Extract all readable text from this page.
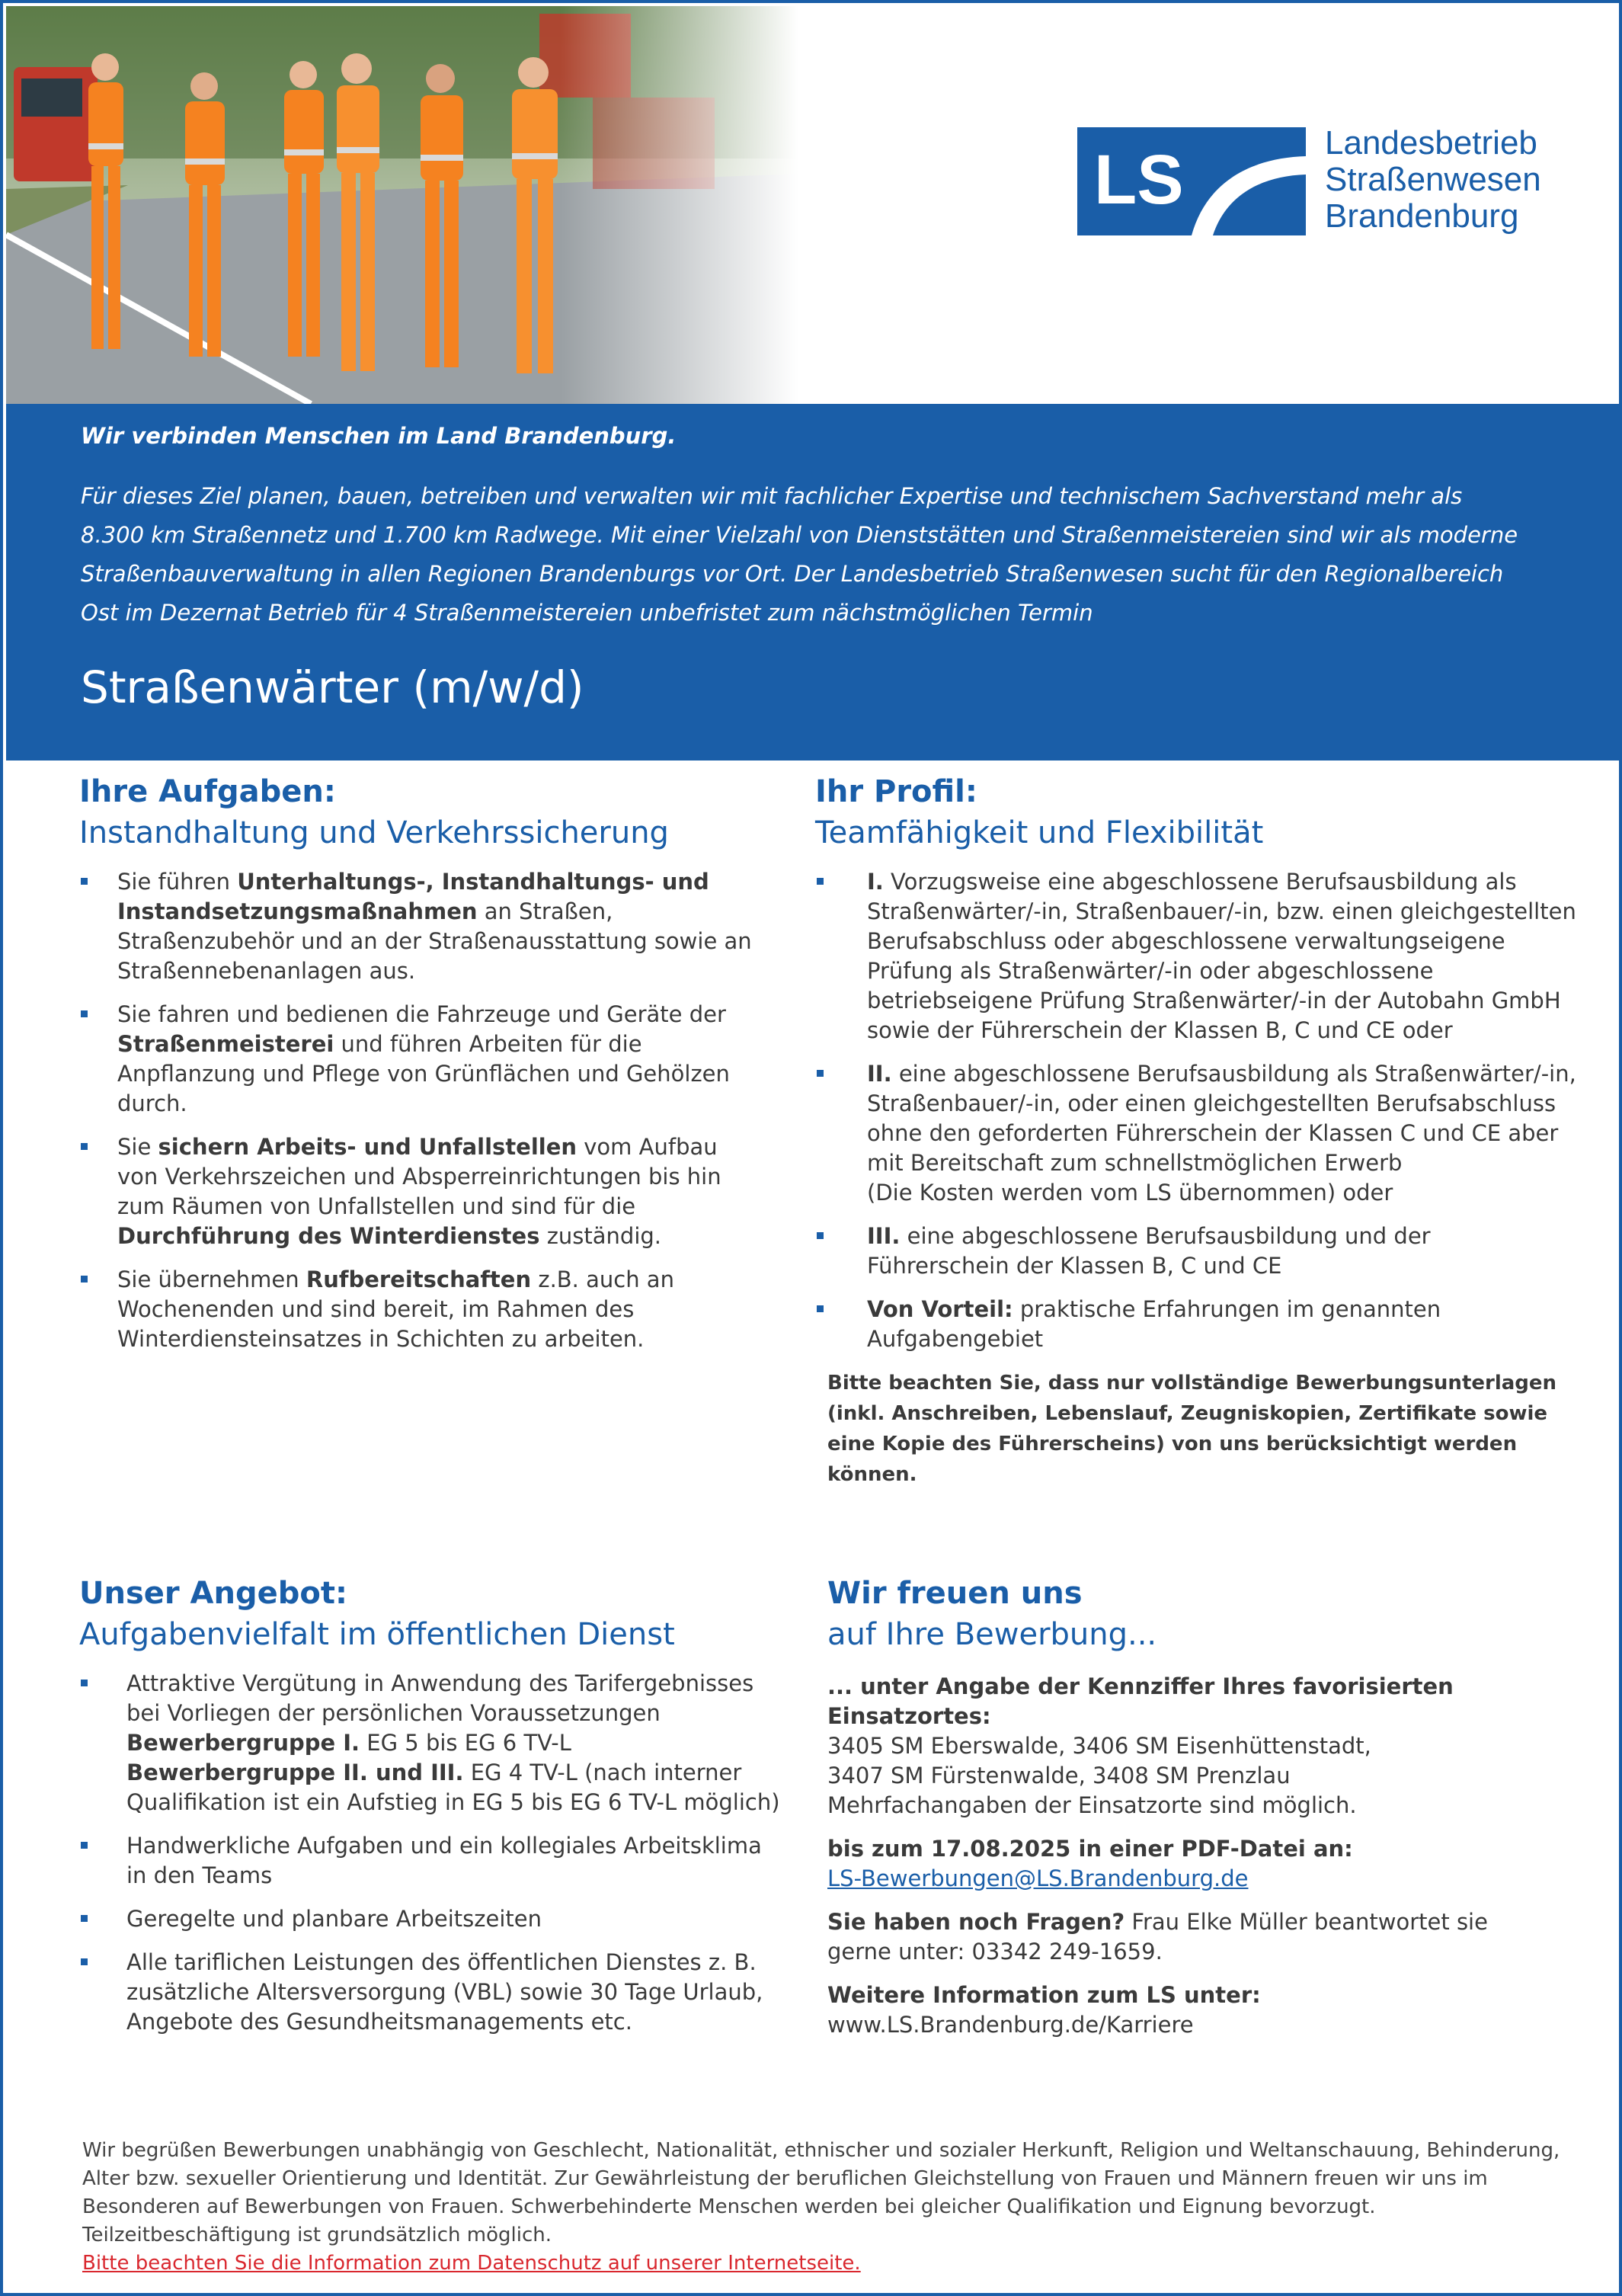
LS	Landesbetrieb
Straßenwesen
Brandenburg
Wir verbinden Menschen im Land Brandenburg.
Für dieses Ziel planen, bauen, betreiben und verwalten wir mit fachlicher Expertise und technischem Sachverstand mehr als 8.300 km Straßennetz und 1.700 km Radwege. Mit einer Vielzahl von Dienststätten und Straßenmeistereien sind wir als moderne Straßenbauverwaltung in allen Regionen Brandenburgs vor Ort. Der Landesbetrieb Straßenwesen sucht für den Regionalbereich Ost im Dezernat Betrieb für 4 Straßenmeistereien unbefristet zum nächstmöglichen Termin
Straßenwärter (m/w/d)
Ihre Aufgaben:
Instandhaltung und Verkehrssicherung
Sie führen Unterhaltungs-, Instandhaltungs- und Instandsetzungsmaßnahmen an Straßen, Straßenzubehör und an der Straßenausstattung sowie an Straßennebenanlagen aus.
Sie fahren und bedienen die Fahrzeuge und Geräte der Straßenmeisterei und führen Arbeiten für die Anpflanzung und Pflege von Grünflächen und Gehölzen durch.
Sie sichern Arbeits- und Unfallstellen vom Aufbau von Verkehrszeichen und Absperreinrichtungen bis hin zum Räumen von Unfallstellen und sind für die Durchführung des Winterdienstes zuständig.
Sie übernehmen Rufbereitschaften z.B. auch an Wochenenden und sind bereit, im Rahmen des Winterdiensteinsatzes in Schichten zu arbeiten.
Ihr Profil:
Teamfähigkeit und Flexibilität
I. Vorzugsweise eine abgeschlossene Berufsausbildung als Straßenwärter/-in, Straßenbauer/-in, bzw. einen gleichgestellten Berufsabschluss oder abgeschlossene verwaltungseigene Prüfung als Straßenwärter/-in oder abgeschlossene betriebseigene Prüfung Straßenwärter/-in der Autobahn GmbH sowie der Führerschein der Klassen B, C und CE oder
II. eine abgeschlossene Berufsausbildung als Straßenwärter/-in, Straßenbauer/-in, oder einen gleichgestellten Berufsabschluss ohne den geforderten Führerschein der Klassen C und CE aber mit Bereitschaft zum schnellstmöglichen Erwerb
(Die Kosten werden vom LS übernommen) oder
III. eine abgeschlossene Berufsausbildung und der Führerschein der Klassen B, C und CE
Von Vorteil: praktische Erfahrungen im genannten Aufgabengebiet
Bitte beachten Sie, dass nur vollständige Bewerbungsunterlagen (inkl. Anschreiben, Lebenslauf, Zeugniskopien, Zertifikate sowie eine Kopie des Führerscheins) von uns berücksichtigt werden können.
Unser Angebot:
Aufgabenvielfalt im öffentlichen Dienst
Attraktive Vergütung in Anwendung des Tarifergebnisses bei Vorliegen der persönlichen Voraussetzungen
Bewerbergruppe I. EG 5 bis EG 6 TV-L
Bewerbergruppe II. und III. EG 4 TV-L (nach interner Qualifikation ist ein Aufstieg in EG 5 bis EG 6 TV-L möglich)
Handwerkliche Aufgaben und ein kollegiales Arbeitsklima in den Teams
Geregelte und planbare Arbeitszeiten
Alle tariflichen Leistungen des öffentlichen Dienstes z. B. zusätzliche Altersversorgung (VBL) sowie 30 Tage Urlaub, Angebote des Gesundheitsmanagements etc.
Wir freuen uns
auf Ihre Bewerbung...

... unter Angabe der Kennziffer Ihres favorisierten Einsatzortes:
3405 SM Eberswalde, 3406 SM Eisenhüttenstadt,
3407 SM Fürstenwalde, 3408 SM Prenzlau
Mehrfachangaben der Einsatzorte sind möglich.

bis zum 17.08.2025 in einer PDF-Datei an:
LS-Bewerbungen@LS.Brandenburg.de

Sie haben noch Fragen? Frau Elke Müller beantwortet sie gerne unter: 03342 249-1659.

Weitere Information zum LS unter:
www.LS.Brandenburg.de/Karriere

Wir begrüßen Bewerbungen unabhängig von Geschlecht, Nationalität, ethnischer und sozialer Herkunft, Religion und Weltanschauung, Behinderung, Alter bzw. sexueller Orientierung und Identität. Zur Gewährleistung der beruflichen Gleichstellung von Frauen und Männern freuen wir uns im Besonderen auf Bewerbungen von Frauen. Schwerbehinderte Menschen werden bei gleicher Qualifikation und Eignung bevorzugt. Teilzeitbeschäftigung ist grundsätzlich möglich.
Bitte beachten Sie die Information zum Datenschutz auf unserer Internetseite.
